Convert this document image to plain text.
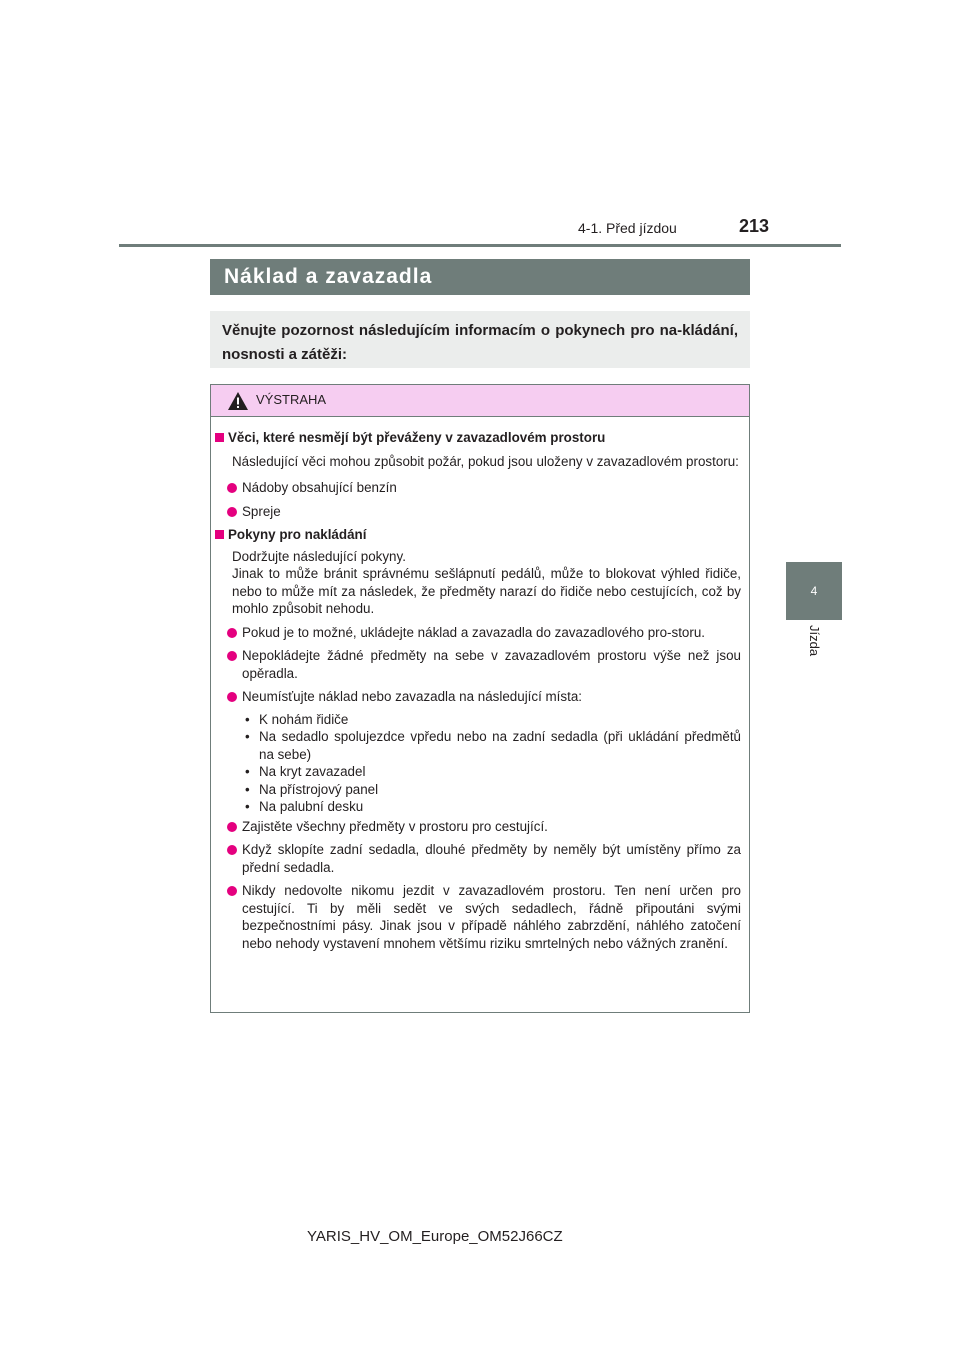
4-1. Před jízdou	213
4
Jízda
Náklad a zavazadla
Věnujte pozornost následujícím informacím o pokynech pro na-kládání, nosnosti a zátěži:
VÝSTRAHA
Věci, které nesmějí být převáženy v zavazadlovém prostoru

Následující věci mohou způsobit požár, pokud jsou uloženy v zavazadlovém prostoru:

Nádoby obsahující benzín
Spreje
Pokyny pro nakládání

Dodržujte následující pokyny.

Jinak to může bránit správnému sešlápnutí pedálů, může to blokovat výhled řidiče, nebo to může mít za následek, že předměty narazí do řidiče nebo cestujících, což by mohlo způsobit nehodu.

Pokud je to možné, ukládejte náklad a zavazadla do zavazadlového pro-storu.
Nepokládejte žádné předměty na sebe v zavazadlovém prostoru výše než jsou opěradla.
Neumísťujte náklad nebo zavazadla na následující místa:
• K nohám řidiče
• Na sedadlo spolujezdce vpředu nebo na zadní sedadla (při ukládání předmětů na sebe)
• Na kryt zavazadel
• Na přístrojový panel
• Na palubní desku
Zajistěte všechny předměty v prostoru pro cestující.
Když sklopíte zadní sedadla, dlouhé předměty by neměly být umístěny přímo za přední sedadla.
Nikdy nedovolte nikomu jezdit v zavazadlovém prostoru. Ten není určen pro cestující. Ti by měli sedět ve svých sedadlech, řádně připoutáni svými bezpečnostními pásy. Jinak jsou v případě náhlého zabrzdění, náhlého zatočení nebo nehody vystavení mnohem většímu riziku smrtelných nebo vážných zranění.
YARIS_HV_OM_Europe_OM52J66CZ
